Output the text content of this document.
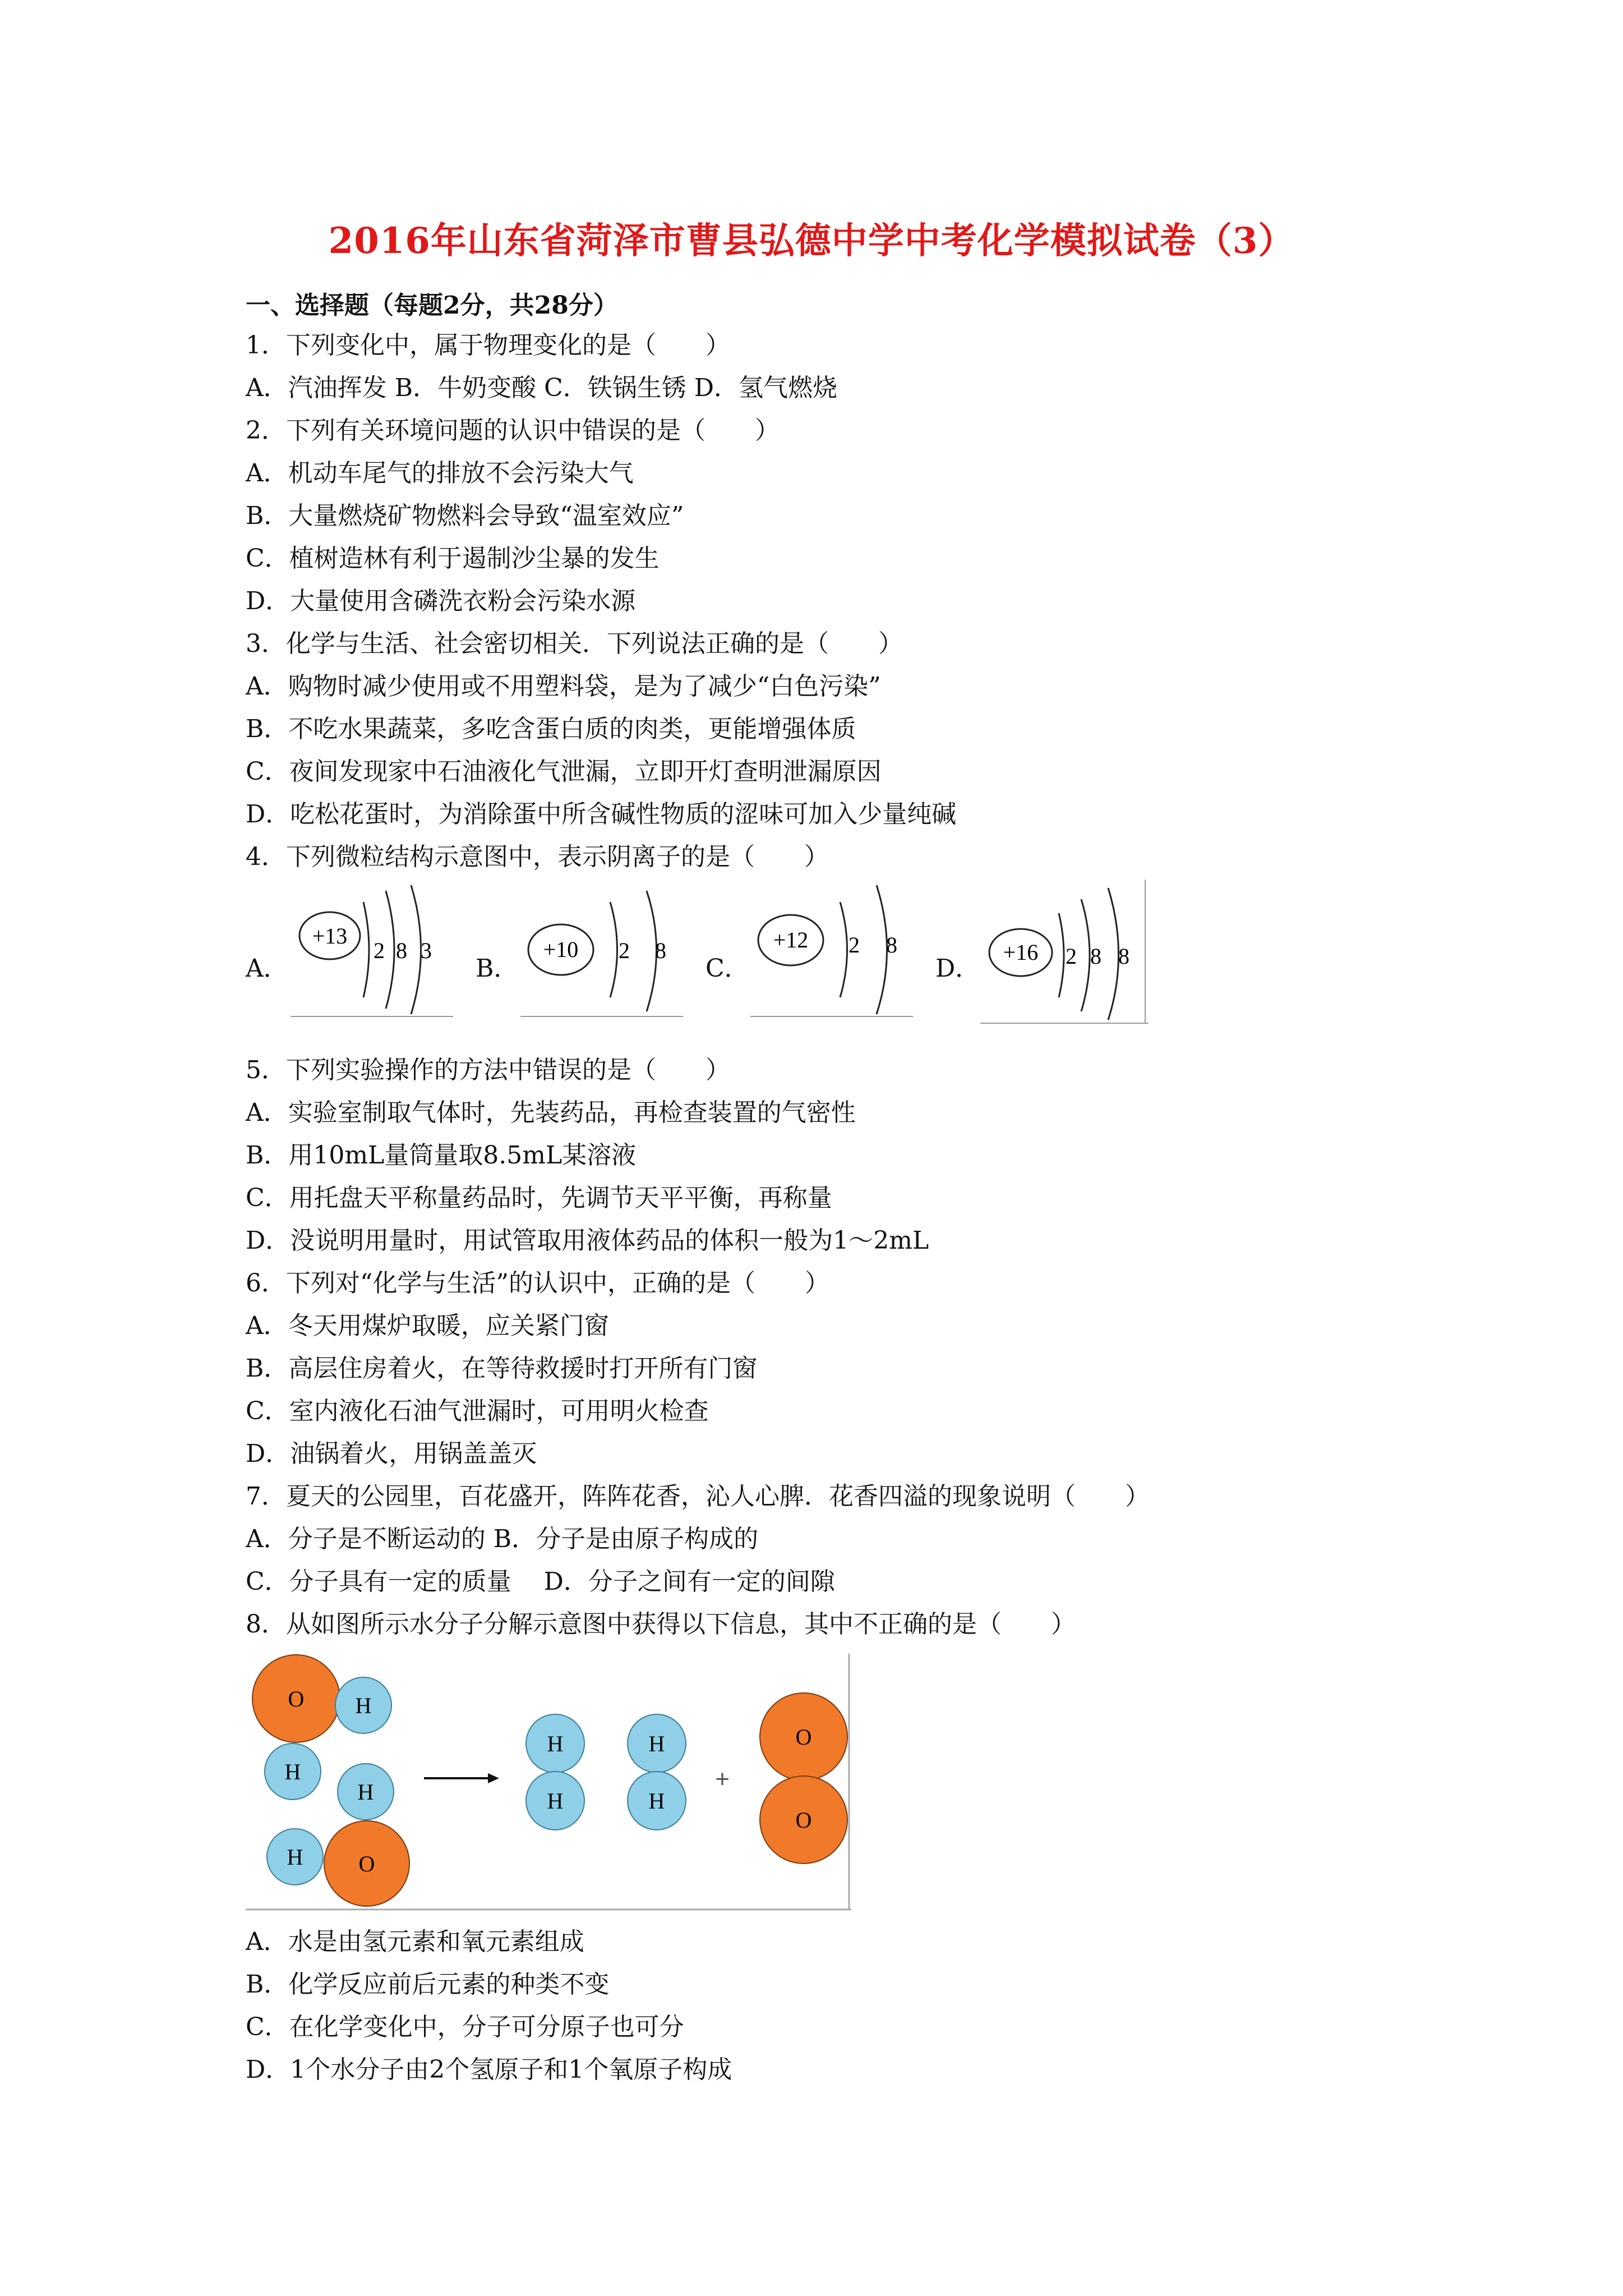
2016年山东省菏泽市曹县弘德中学中考化学模拟试卷（3）
一、选择题（每题2分，共28分）
1．下列变化中，属于物理变化的是（　　）
A．汽油挥发 B．牛奶变酸 C．铁锅生锈 D．氢气燃烧
2．下列有关环境问题的认识中错误的是（　　）
A．机动车尾气的排放不会污染大气
B．大量燃烧矿物燃料会导致“温室效应”
C．植树造林有利于遏制沙尘暴的发生
D．大量使用含磷洗衣粉会污染水源
3．化学与生活、社会密切相关．下列说法正确的是（　　）
A．购物时减少使用或不用塑料袋，是为了减少“白色污染”
B．不吃水果蔬菜，多吃含蛋白质的肉类，更能增强体质
C．夜间发现家中石油液化气泄漏，立即开灯查明泄漏原因
D．吃松花蛋时，为消除蛋中所含碱性物质的涩味可加入少量纯碱
4．下列微粒结构示意图中，表示阴离子的是（　　）
A．
+13
2 8 3
B．
+10 2 8
C．
+12 2 8
D．
+16 2 8 8
5．下列实验操作的方法中错误的是（　　）
A．实验室制取气体时，先装药品，再检查装置的气密性
B．用10mL量筒量取8.5mL某溶液
C．用托盘天平称量药品时，先调节天平平衡，再称量
D．没说明用量时，用试管取用液体药品的体积一般为1～2mL
6．下列对“化学与生活”的认识中，正确的是（　　）
A．冬天用煤炉取暖，应关紧门窗
B．高层住房着火，在等待救援时打开所有门窗
C．室内液化石油气泄漏时，可用明火检查
D．油锅着火，用锅盖盖灭
7．夏天的公园里，百花盛开，阵阵花香，沁人心脾．花香四溢的现象说明（　　）
A．分子是不断运动的 B．分子是由原子构成的
C．分子具有一定的质量　 D．分子之间有一定的间隙
8．从如图所示水分子分解示意图中获得以下信息，其中不正确的是（　　）
O H
H
H
H O
H
H
H
H
+
O
O
A．水是由氢元素和氧元素组成
B．化学反应前后元素的种类不变
C．在化学变化中，分子可分原子也可分
D．1个水分子由2个氢原子和1个氧原子构成
